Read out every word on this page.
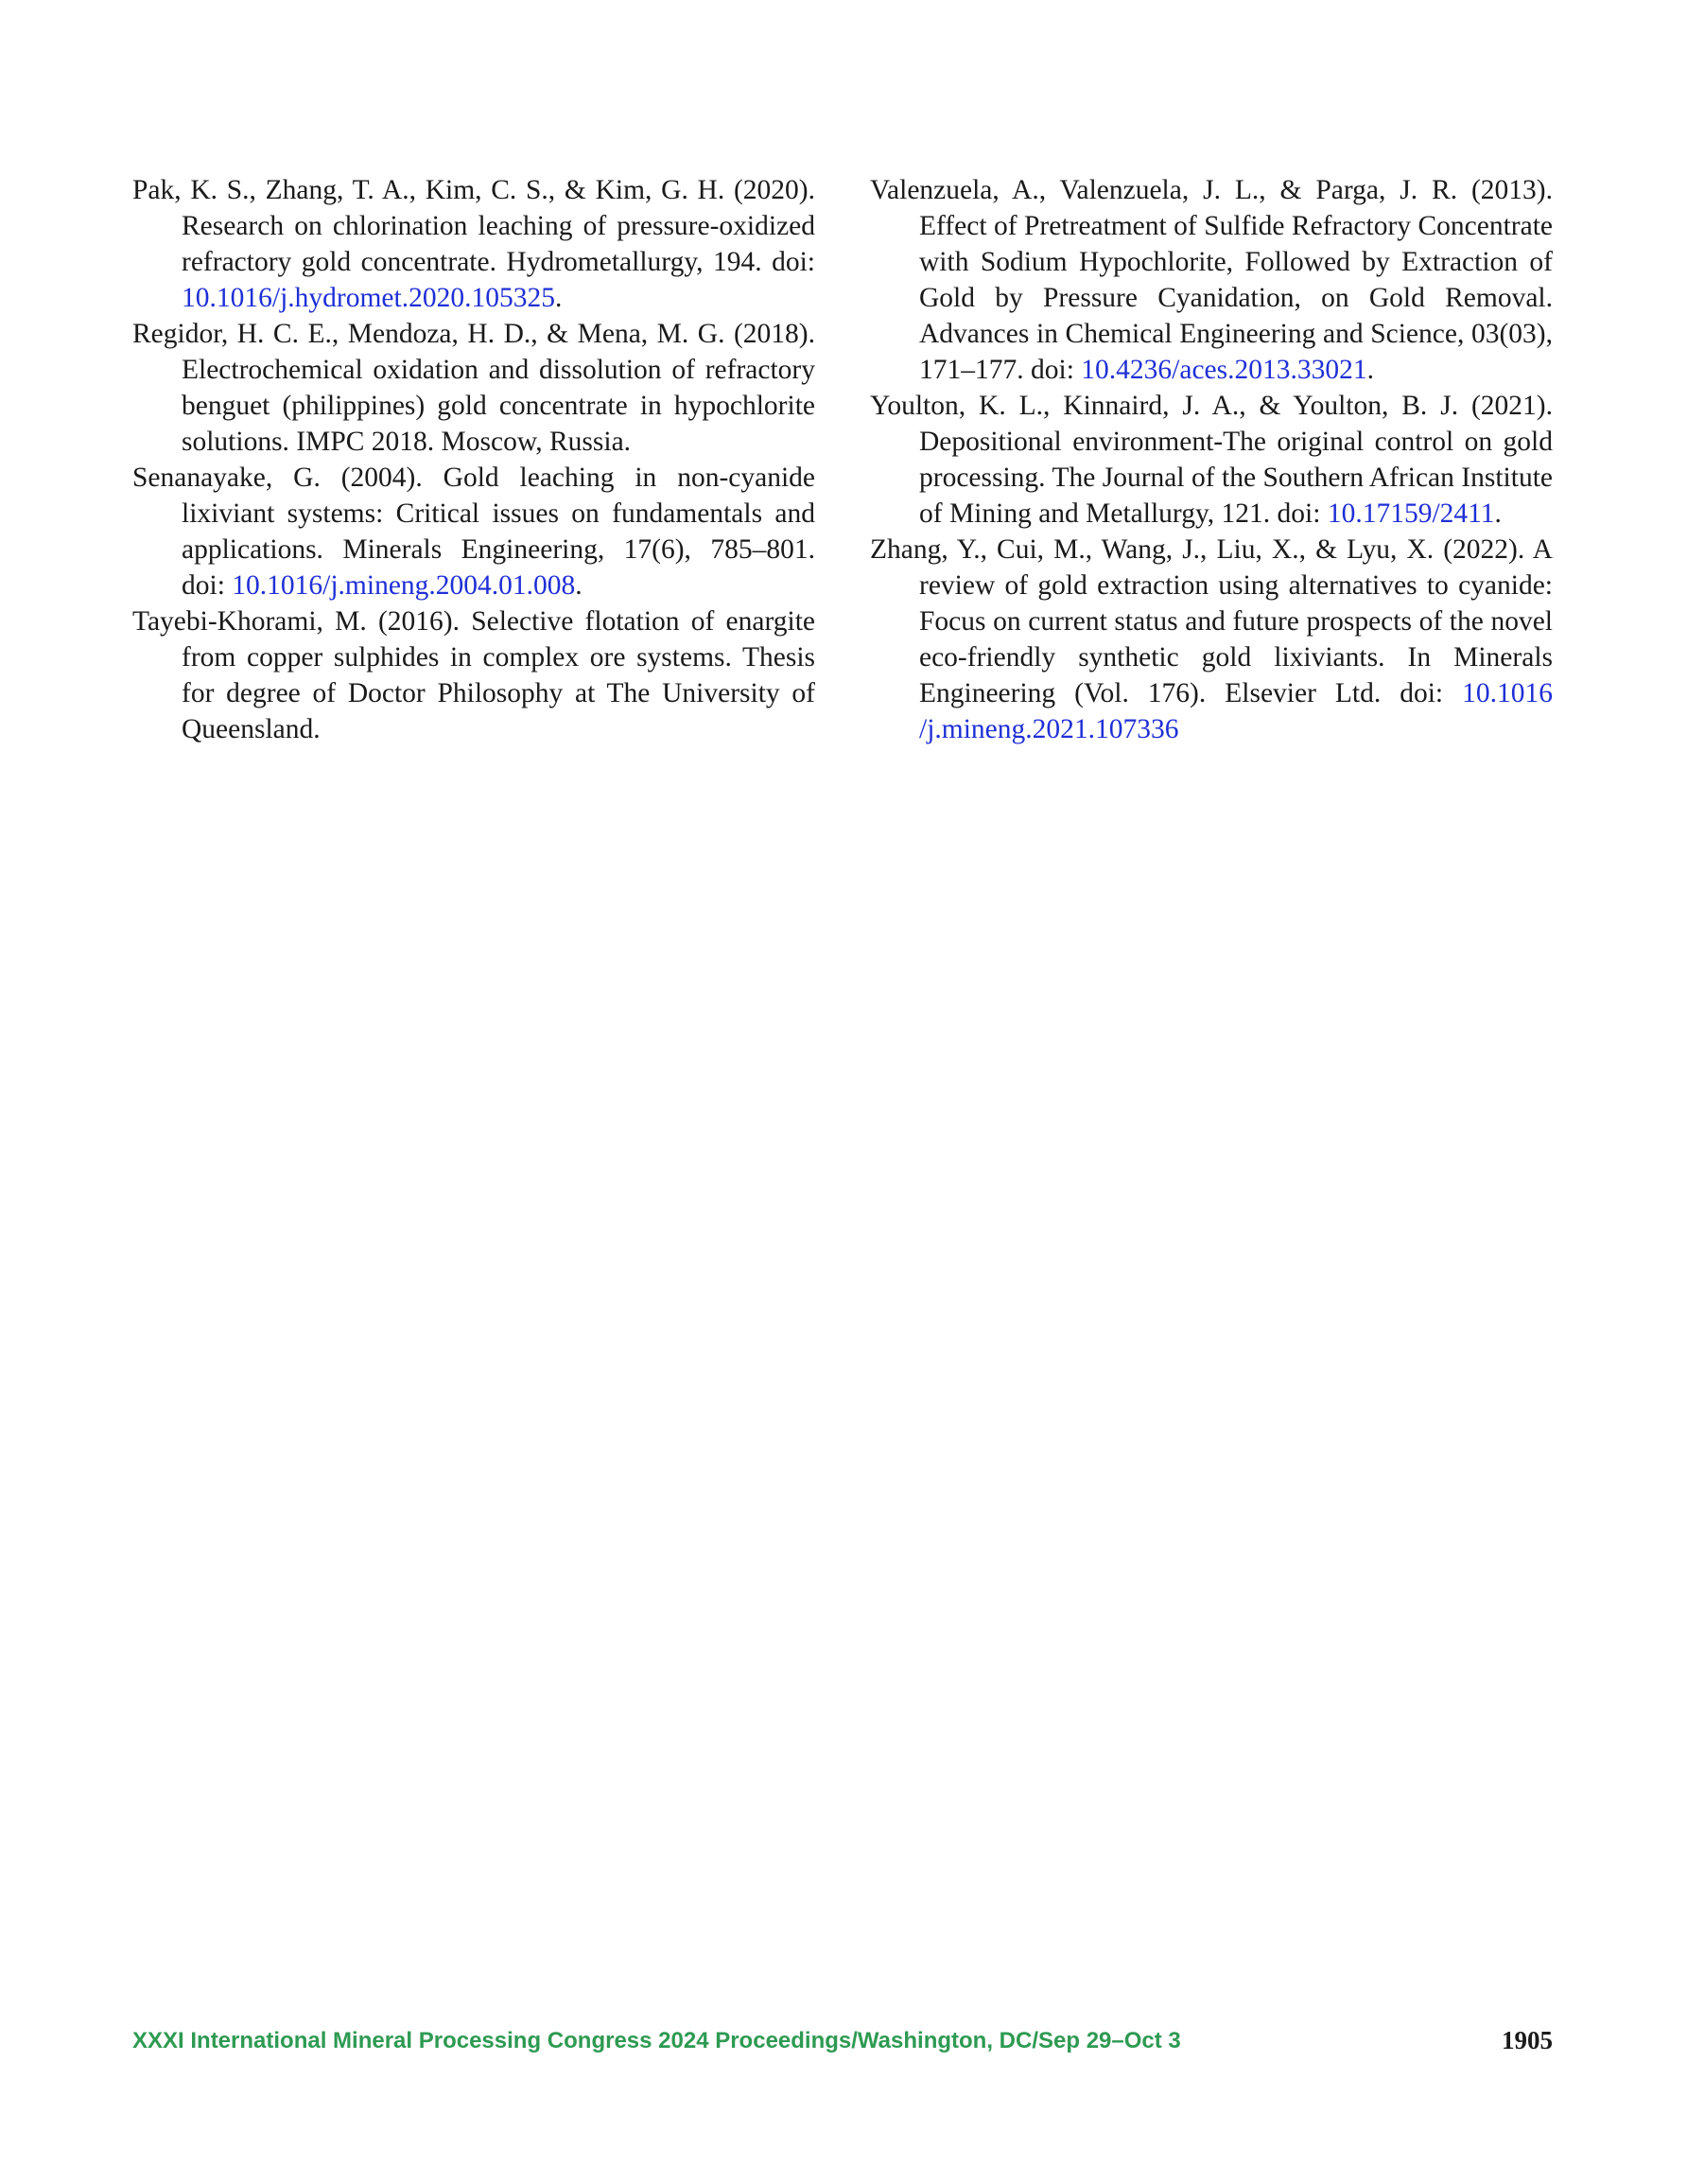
Pak, K. S., Zhang, T. A., Kim, C. S., & Kim, G. H. (2020). Research on chlorination leaching of pressure-oxidized refractory gold concentrate. Hydrometallurgy, 194. doi: 10.1016/j.hydromet.2020.105325.

Regidor, H. C. E., Mendoza, H. D., & Mena, M. G. (2018). Electrochemical oxidation and dissolution of refractory benguet (philippines) gold concentrate in hypochlorite solutions. IMPC 2018. Moscow, Russia.

Senanayake, G. (2004). Gold leaching in non-cyanide lixiviant systems: Critical issues on fundamentals and applications. Minerals Engineering, 17(6), 785–801. doi: 10.1016/j.mineng.2004.01.008.

Tayebi-Khorami, M. (2016). Selective flotation of enargite from copper sulphides in complex ore systems. Thesis for degree of Doctor Philosophy at The University of Queensland.

Valenzuela, A., Valenzuela, J. L., & Parga, J. R. (2013). Effect of Pretreatment of Sulfide Refractory Concentrate with Sodium Hypochlorite, Followed by Extraction of Gold by Pressure Cyanidation, on Gold Removal. Advances in Chemical Engineering and Science, 03(03), 171–177. doi: 10.4236/aces.2013.33021.

Youlton, K. L., Kinnaird, J. A., & Youlton, B. J. (2021). Depositional environment-The original control on gold processing. The Journal of the Southern African Institute of Mining and Metallurgy, 121. doi: 10.17159/2411.

Zhang, Y., Cui, M., Wang, J., Liu, X., & Lyu, X. (2022). A review of gold extraction using alternatives to cyanide: Focus on current status and future prospects of the novel eco-friendly synthetic gold lixiviants. In Minerals Engineering (Vol. 176). Elsevier Ltd. doi: 10.1016 /j.mineng.2021.107336

XXXI International Mineral Processing Congress 2024 Proceedings/Washington, DC/Sep 29–Oct 3	1905
